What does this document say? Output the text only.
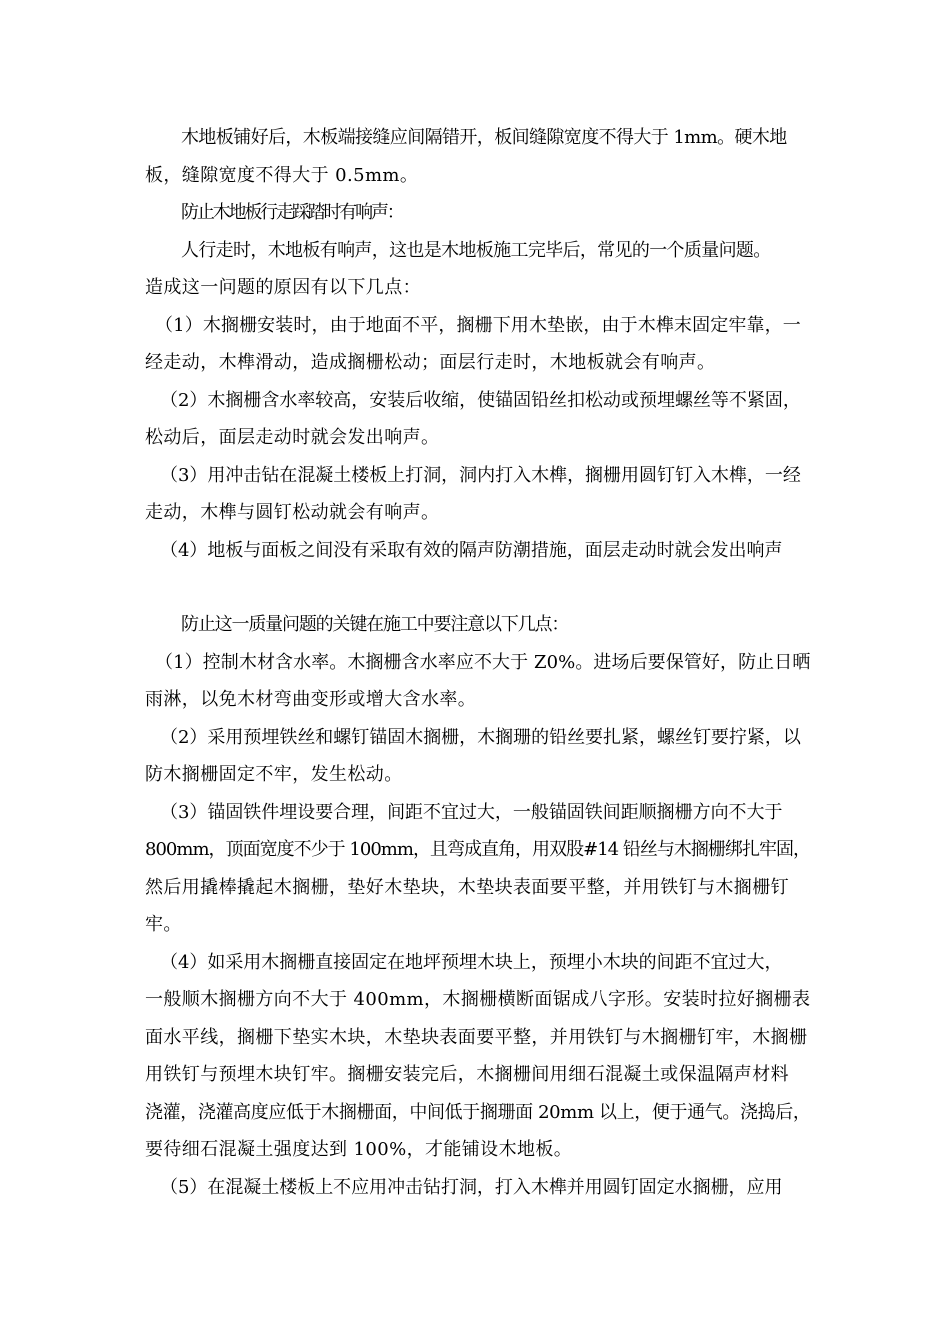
木地板铺好后，木板端接缝应间隔错开，板间缝隙宽度不得大于 1mm。硬木地
板，缝隙宽度不得大于 0.5mm。
防止木地板行走踩踏时有响声：
人行走时，木地板有响声，这也是木地板施工完毕后，常见的一个质量问题。
造成这一问题的原因有以下几点：
（1）木搁栅安装时，由于地面不平，搁栅下用木垫嵌，由于木榫末固定牢靠，一
经走动，木榫滑动，造成搁栅松动；面层行走时，木地板就会有响声。
（2）木搁栅含水率较高，安装后收缩，使锚固铅丝扣松动或预埋螺丝等不紧固，
松动后，面层走动时就会发出响声。
（3）用冲击钻在混凝土楼板上打洞，洞内打入木榫，搁栅用圆钉钉入木榫，一经
走动，木榫与圆钉松动就会有响声。
（4）地板与面板之间没有采取有效的隔声防潮措施，面层走动时就会发出响声
防止这一质量问题的关键在施工中要注意以下几点：
（1）控制木材含水率。木搁栅含水率应不大于 Z0%。进场后要保管好，防止日晒
雨淋，以免木材弯曲变形或增大含水率。
（2）采用预埋铁丝和螺钉锚固木搁栅，木搁珊的铅丝要扎紧，螺丝钉要拧紧，以
防木搁栅固定不牢，发生松动。
（3）锚固铁件埋设要合理，间距不宜过大，一般锚固铁间距顺搁栅方向不大于
800mm，顶面宽度不少于 100mm，且弯成直角，用双股#14 铅丝与木搁栅绑扎牢固，
然后用撬棒撬起木搁栅，垫好木垫块，木垫块表面要平整，并用铁钉与木搁栅钉
牢。
（4）如采用木搁栅直接固定在地坪预埋木块上，预埋小木块的间距不宜过大，
一般顺木搁栅方向不大于 400mm，木搁栅横断面锯成八字形。安装时拉好搁栅表
面水平线，搁栅下垫实木块，木垫块表面要平整，并用铁钉与木搁栅钉牢，木搁栅
用铁钉与预埋木块钉牢。搁栅安装完后，木搁栅间用细石混凝土或保温隔声材料
浇灌，浇灌高度应低于木搁栅面，中间低于搁珊面 20mm 以上，便于通气。浇捣后，
要待细石混凝土强度达到 100%，才能铺设木地板。
（5）在混凝土楼板上不应用冲击钻打洞，打入木榫并用圆钉固定水搁栅，应用
